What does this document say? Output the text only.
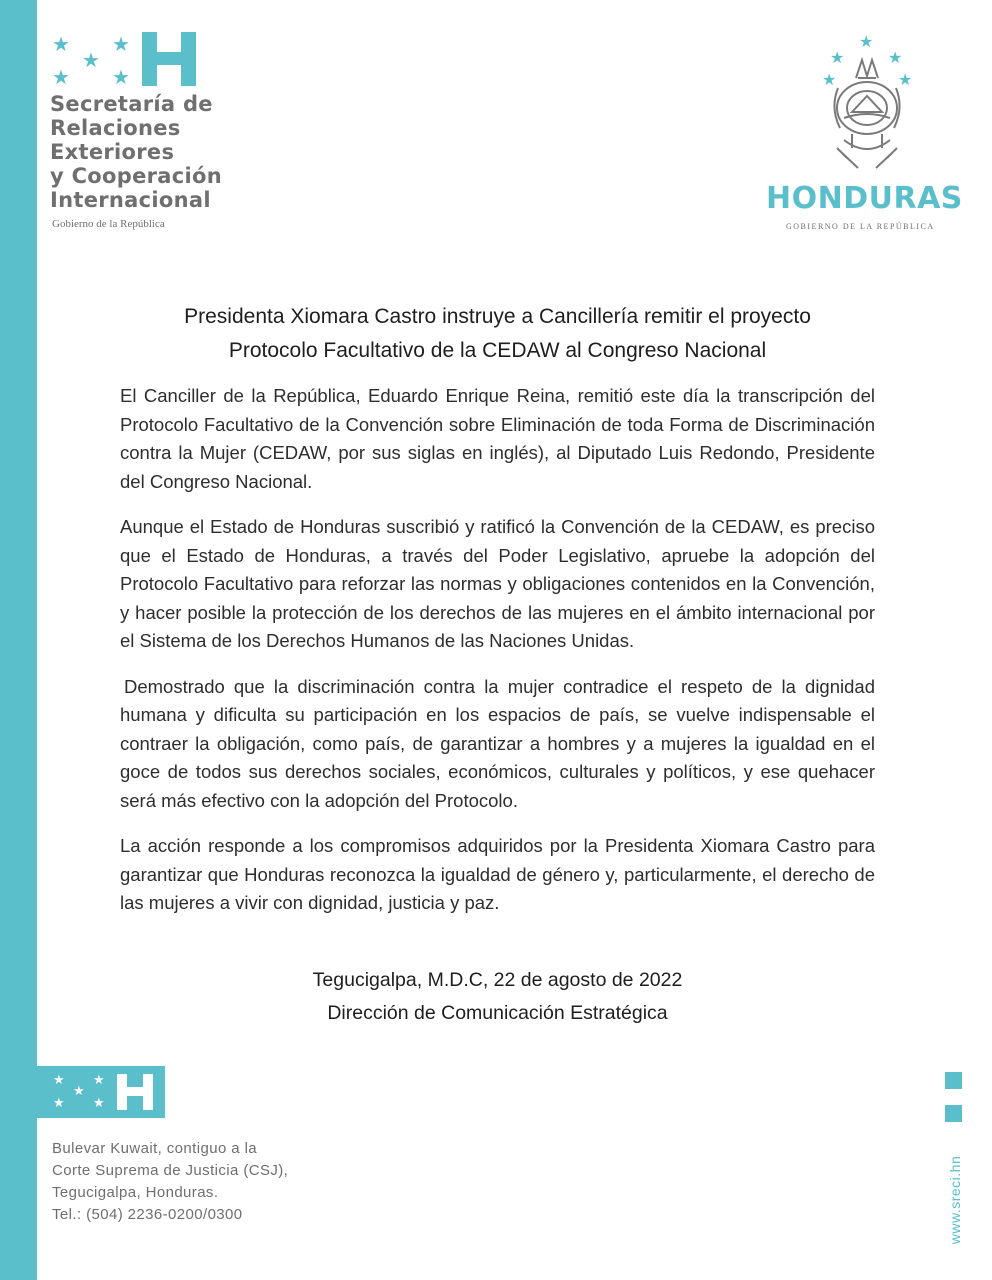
★ ★
★
★ ★
Secretaría de
Relaciones
Exteriores
y Cooperación
Internacional
Gobierno de la República
★
★	★
★	★
HONDURAS
GOBIERNO DE LA REPÚBLICA
Presidenta Xiomara Castro instruye a Cancillería remitir el proyecto
Protocolo Facultativo de la CEDAW al Congreso Nacional

El Canciller de la República, Eduardo Enrique Reina, remitió este día la transcripción del Protocolo Facultativo de la Convención sobre Eliminación de toda Forma de Discriminación contra la Mujer (CEDAW, por sus siglas en inglés), al Diputado Luis Redondo, Presidente del Congreso Nacional.

Aunque el Estado de Honduras suscribió y ratificó la Convención de la CEDAW, es preciso que el Estado de Honduras, a través del Poder Legislativo, apruebe la adopción del Protocolo Facultativo para reforzar las normas y obligaciones contenidos en la Convención, y hacer posible la protección de los derechos de las mujeres en el ámbito internacional por el Sistema de los Derechos Humanos de las Naciones Unidas.

Demostrado que la discriminación contra la mujer contradice el respeto de la dignidad humana y dificulta su participación en los espacios de país, se vuelve indispensable el contraer la obligación, como país, de garantizar a hombres y a mujeres la igualdad en el goce de todos sus derechos sociales, económicos, culturales y políticos, y ese quehacer será más efectivo con la adopción del Protocolo.

La acción responde a los compromisos adquiridos por la Presidenta Xiomara Castro para garantizar que Honduras reconozca la igualdad de género y, particularmente, el derecho de las mujeres a vivir con dignidad, justicia y paz.

Tegucigalpa, M.D.C, 22 de agosto de 2022
Dirección de Comunicación Estratégica
★ ★
★
★ ★
Bulevar Kuwait, contiguo a la
Corte Suprema de Justicia (CSJ),
Tegucigalpa, Honduras.
Tel.: (504) 2236-0200/0300	www.sreci.hn
